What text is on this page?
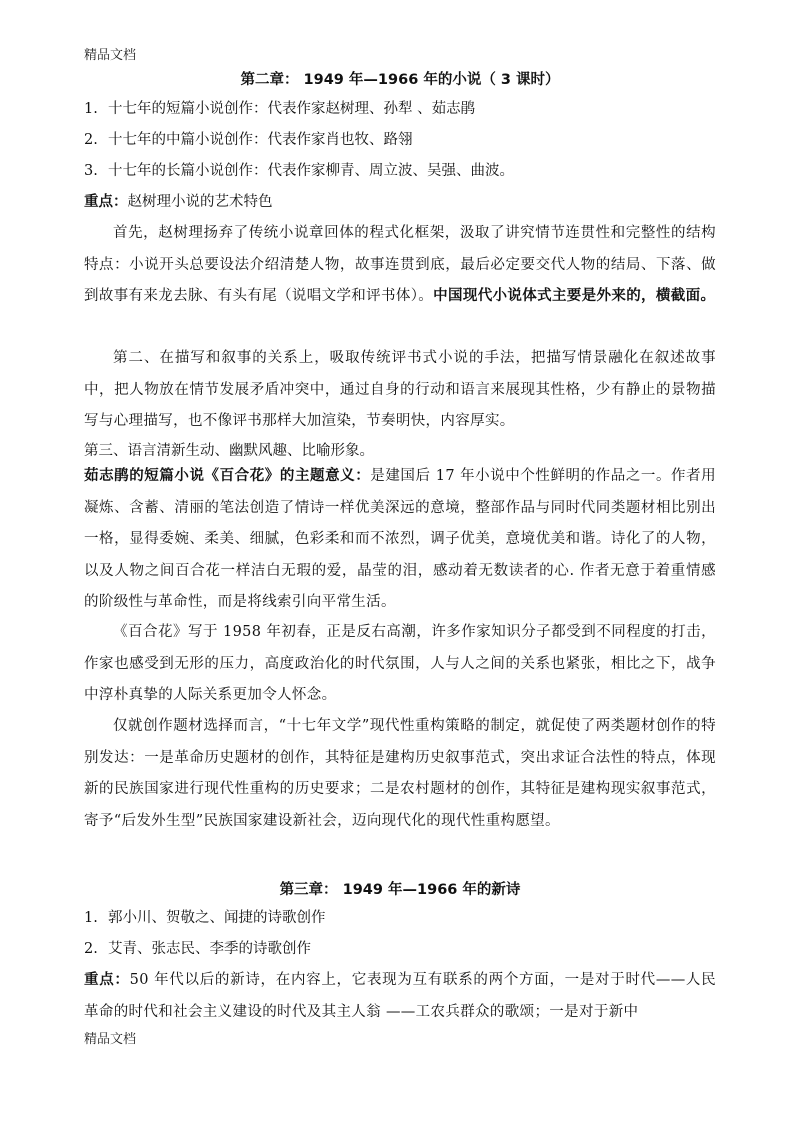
精品文档
第二章： 1949 年—1966 年的小说（ 3 课时）
1. 十七年的短篇小说创作：代表作家赵树理、孙犁 、茹志鹃
2. 十七年的中篇小说创作：代表作家肖也牧、路翎
3. 十七年的长篇小说创作：代表作家柳青、周立波、吴强、曲波。
重点：赵树理小说的艺术特色
首先，赵树理扬弃了传统小说章回体的程式化框架，汲取了讲究情节连贯性和完整性的结构特点：小说开头总要设法介绍清楚人物，故事连贯到底，最后必定要交代人物的结局、下落、做到故事有来龙去脉、有头有尾（说唱文学和评书体）。中国现代小说体式主要是外来的，横截面。
第二、在描写和叙事的关系上，吸取传统评书式小说的手法，把描写情景融化在叙述故事中，把人物放在情节发展矛盾冲突中，通过自身的行动和语言来展现其性格，少有静止的景物描写与心理描写，也不像评书那样大加渲染，节奏明快，内容厚实。
第三、语言清新生动、幽默风趣、比喻形象。
茹志鹃的短篇小说《百合花》的主题意义：是建国后 17 年小说中个性鲜明的作品之一。作者用凝炼、含蓄、清丽的笔法创造了情诗一样优美深远的意境，整部作品与同时代同类题材相比别出一格，显得委婉、柔美、细腻，色彩柔和而不浓烈，调子优美，意境优美和谐。诗化了的人物，以及人物之间百合花一样洁白无瑕的爱，晶莹的泪，感动着无数读者的心. 作者无意于着重情感的阶级性与革命性，而是将线索引向平常生活。
《百合花》写于 1958 年初春，正是反右高潮，许多作家知识分子都受到不同程度的打击，作家也感受到无形的压力，高度政治化的时代氛围，人与人之间的关系也紧张，相比之下，战争中淳朴真挚的人际关系更加令人怀念。
仅就创作题材选择而言，“十七年文学”现代性重构策略的制定，就促使了两类题材创作的特别发达：一是革命历史题材的创作，其特征是建构历史叙事范式，突出求证合法性的特点，体现新的民族国家进行现代性重构的历史要求；二是农村题材的创作，其特征是建构现实叙事范式，寄予“后发外生型”民族国家建设新社会，迈向现代化的现代性重构愿望。
第三章： 1949 年—1966 年的新诗
1. 郭小川、贺敬之、闻捷的诗歌创作
2. 艾青、张志民、李季的诗歌创作
重点：50 年代以后的新诗，在内容上，它表现为互有联系的两个方面，一是对于时代——人民革命的时代和社会主义建设的时代及其主人翁 ——工农兵群众的歌颂；一是对于新中
精品文档
